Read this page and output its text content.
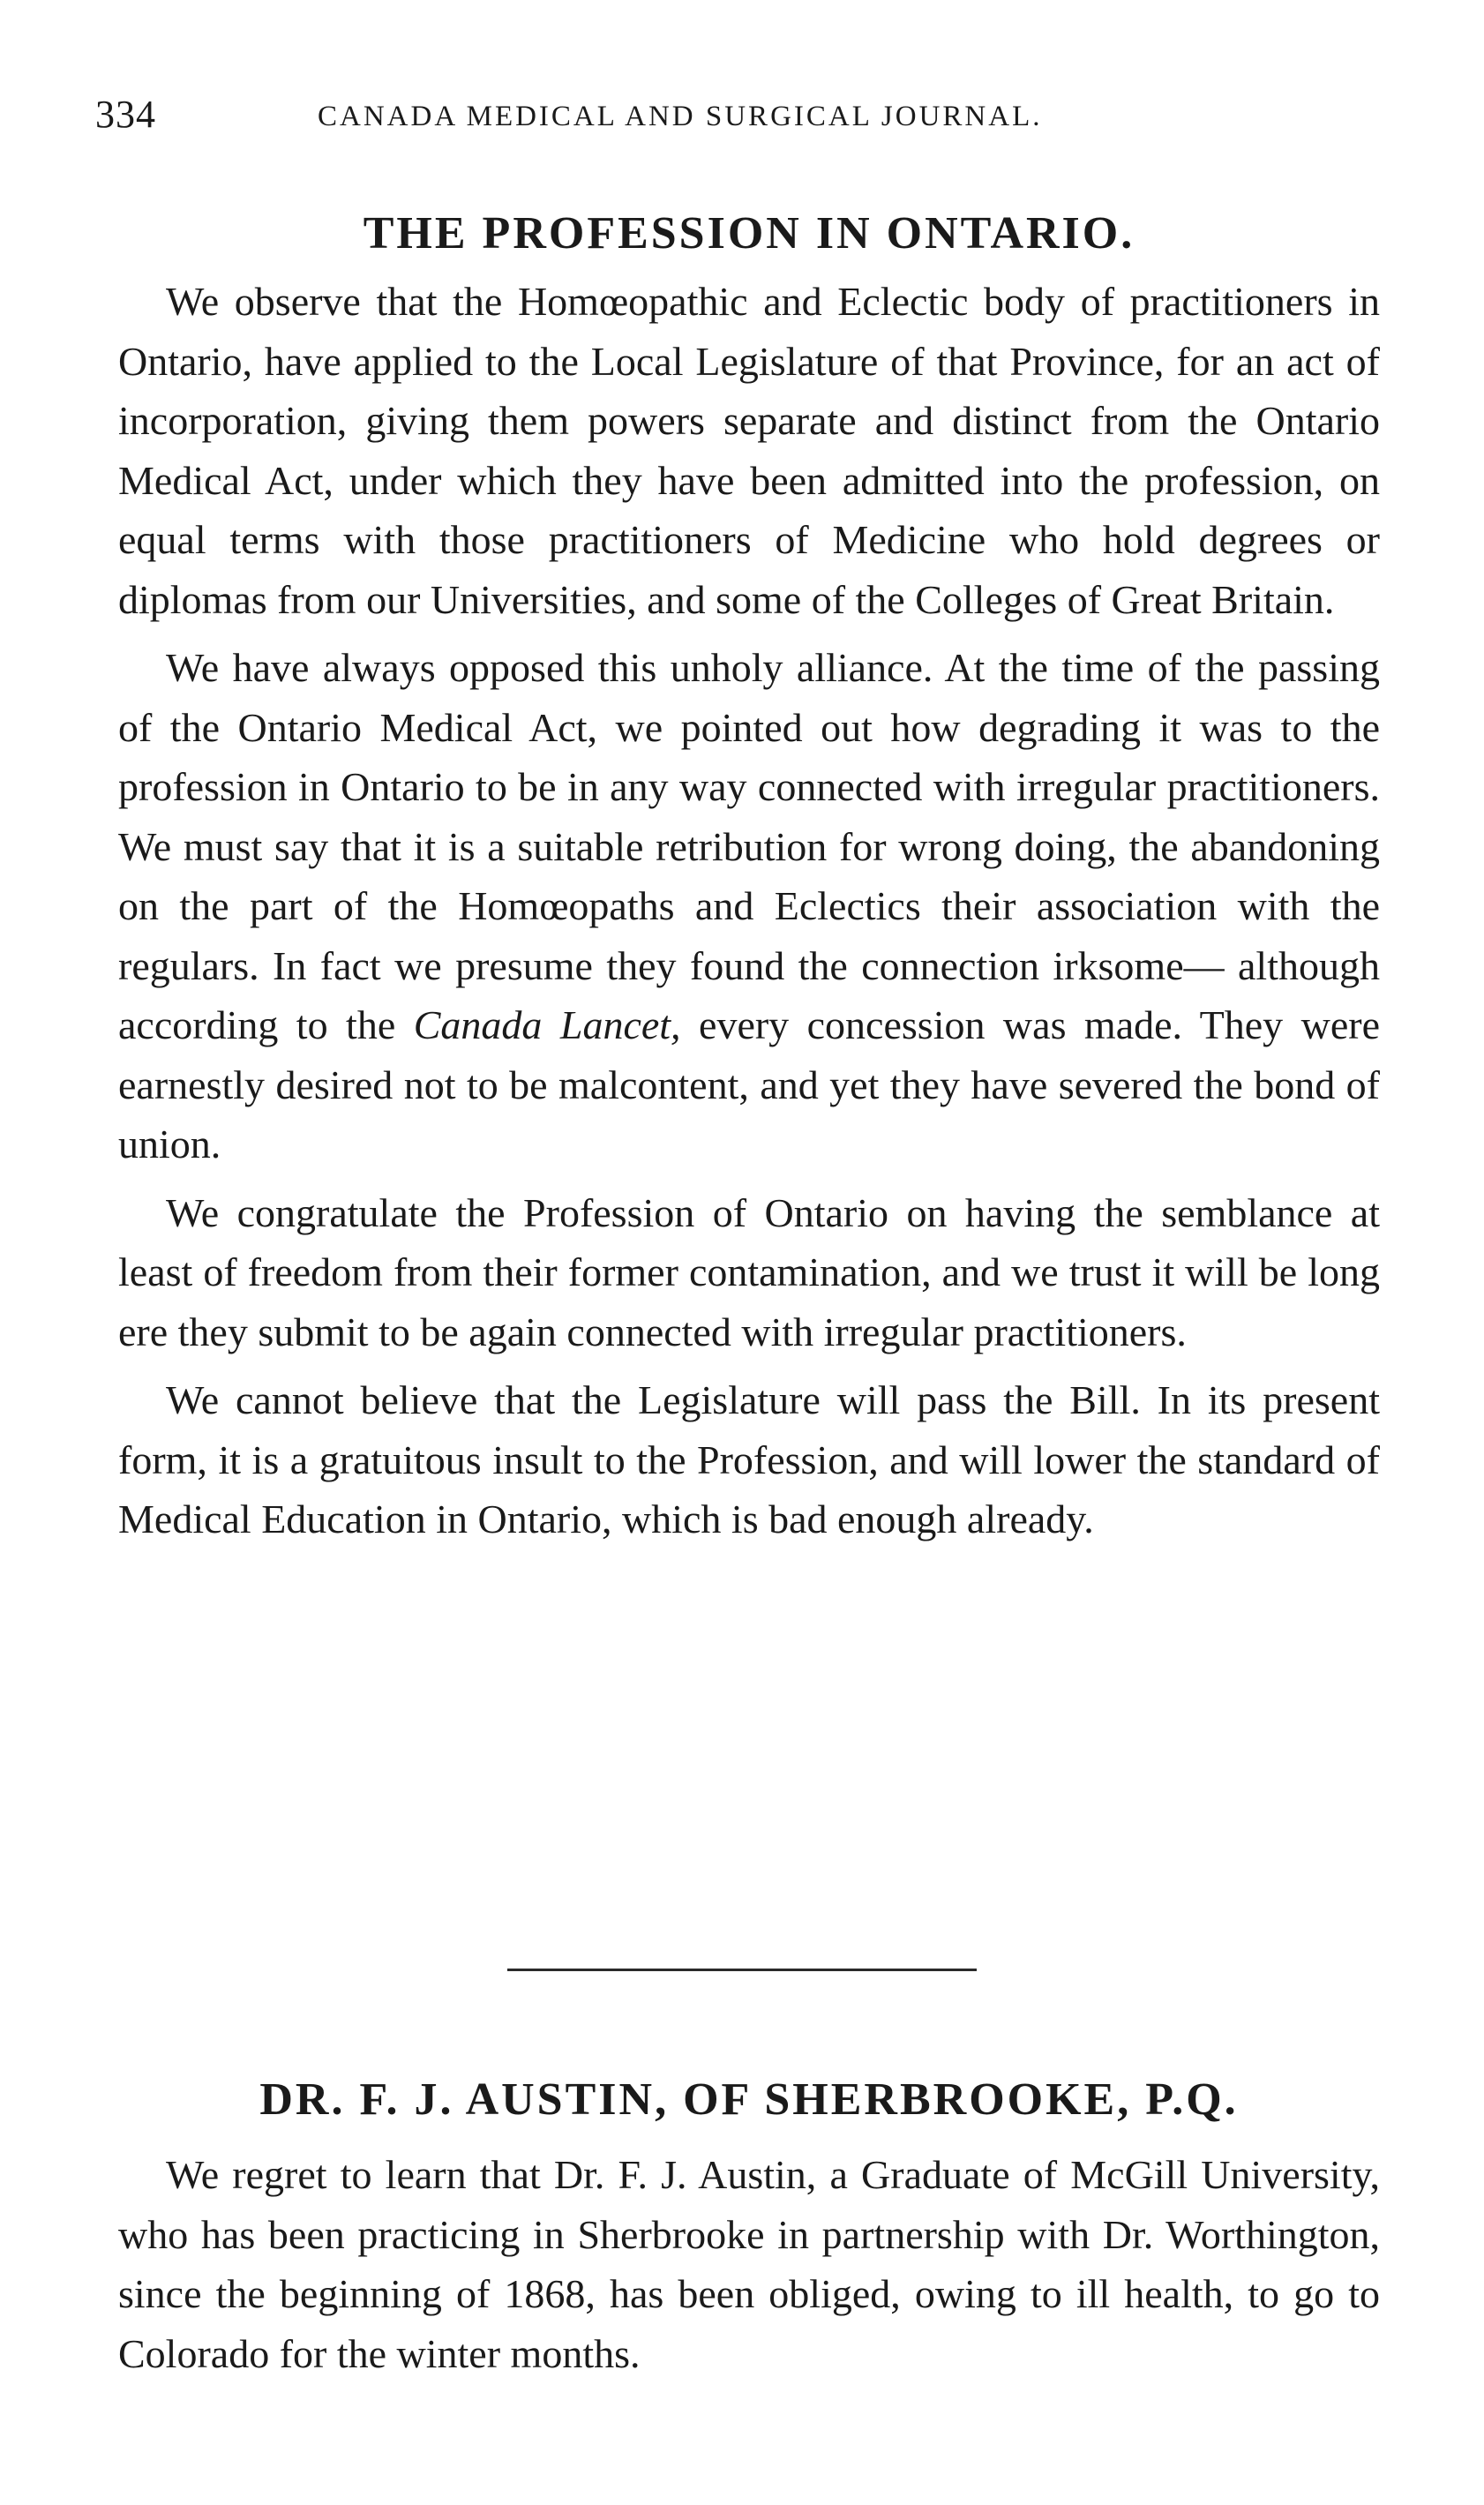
334	CANADA MEDICAL AND SURGICAL JOURNAL.
THE PROFESSION IN ONTARIO.

We observe that the Homœopathic and Eclectic body of practitioners in Ontario, have applied to the Local Legislature of that Province, for an act of incorporation, giving them powers separate and distinct from the Ontario Medical Act, under which they have been admitted into the profession, on equal terms with those practitioners of Medicine who hold degrees or diplomas from our Universities, and some of the Colleges of Great Britain.

We have always opposed this unholy alliance. At the time of the passing of the Ontario Medical Act, we pointed out how degrading it was to the profession in Ontario to be in any way connected with irregular practitioners. We must say that it is a suitable retribution for wrong doing, the abandoning on the part of the Homœopaths and Eclectics their association with the regulars. In fact we presume they found the connection irksome— although according to the Canada Lancet, every concession was made. They were earnestly desired not to be malcontent, and yet they have severed the bond of union.

We congratulate the Profession of Ontario on having the semblance at least of freedom from their former contamination, and we trust it will be long ere they submit to be again connected with irregular practitioners.

We cannot believe that the Legislature will pass the Bill. In its present form, it is a gratuitous insult to the Profession, and will lower the standard of Medical Education in Ontario, which is bad enough already.

DR. F. J. AUSTIN, OF SHERBROOKE, P.Q.

We regret to learn that Dr. F. J. Austin, a Graduate of McGill University, who has been practicing in Sherbrooke in partnership with Dr. Worthington, since the beginning of 1868, has been obliged, owing to ill health, to go to Colorado for the winter months.
